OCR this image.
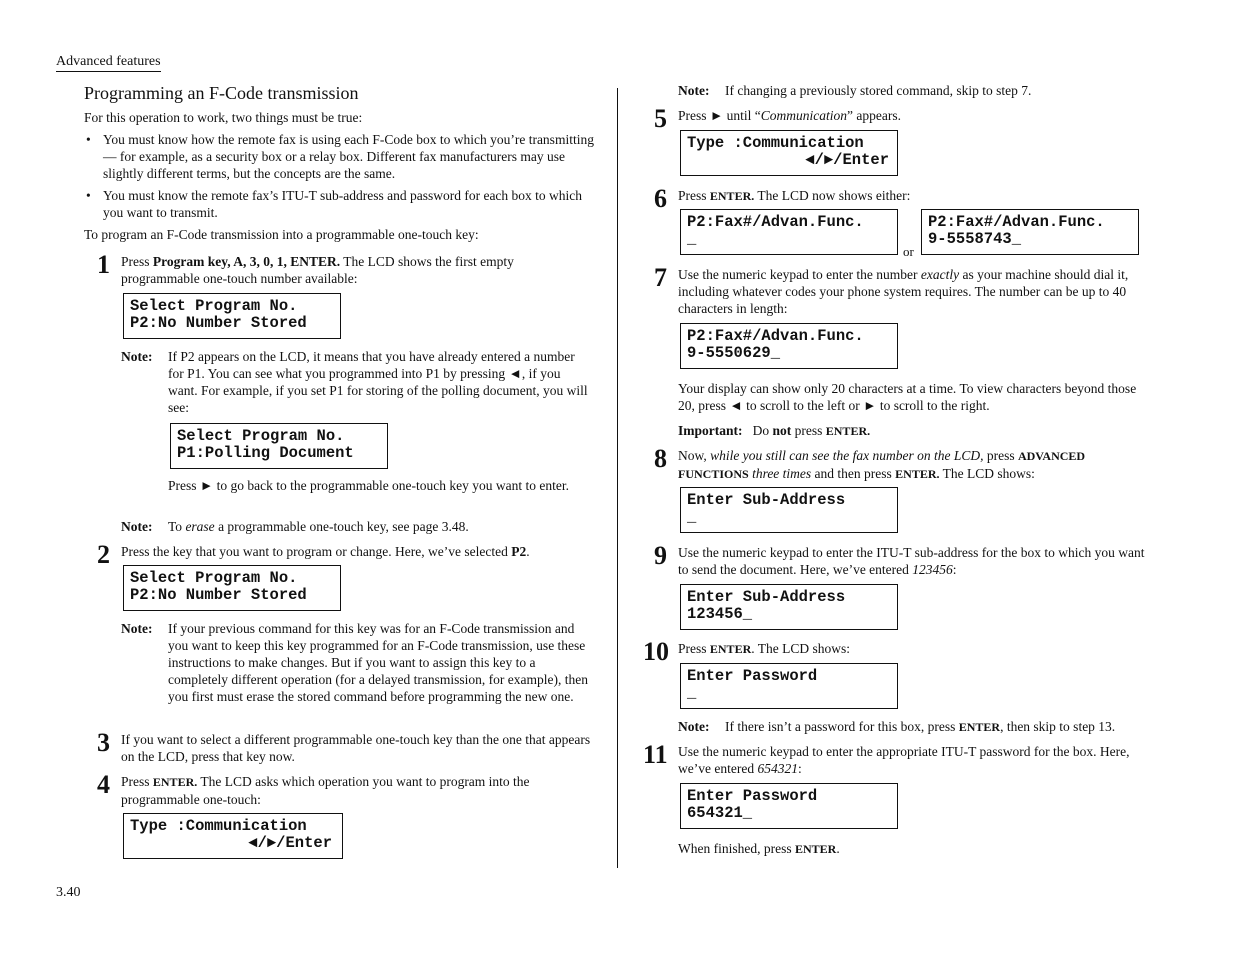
Advanced features
Programming an F-Code transmission
3.40
For this operation to work, two things must be true:
• You must know how the remote fax is using each F-Code box to which you’re transmitting — for example, as a security box or a relay box. Different fax manufacturers may use slightly different terms, but the concepts are the same.
• You must know the remote fax’s ITU-T sub-address and password for each box to which you want to transmit.
To program an F-Code transmission into a programmable one-touch key:
1 Press Program key, A, 3, 0, 1, ENTER. The LCD shows the first empty programmable one-touch number available:
Select Program No.
P2:No Number Stored
Note: If P2 appears on the LCD, it means that you have already entered a number for P1. You can see what you programmed into P1 by pressing ◄, if you want. For example, if you set P1 for storing of the polling document, you will see:
Select Program No.
P1:Polling Document
Press ► to go back to the programmable one-touch key you want to enter.
Note: To erase a programmable one-touch key, see page 3.48.
2 Press the key that you want to program or change. Here, we’ve selected P2.
Select Program No.
P2:No Number Stored
Note: If your previous command for this key was for an F-Code transmission and you want to keep this key programmed for an F-Code transmission, use these instructions to make changes. But if you want to assign this key to a completely different operation (for a delayed transmission, for example), then you first must erase the stored command before programming the new one.
3 If you want to select a different programmable one-touch key than the one that appears on the LCD, press that key now.
4 Press ENTER. The LCD asks which operation you want to program into the programmable one-touch:
Type :Communication
◄/►/Enter
Note: If changing a previously stored command, skip to step 7.
5 Press ► until “Communication” appears.
Type :Communication
◄/►/Enter
6 Press ENTER. The LCD now shows either:
P2:Fax#/Advan.Func.
_
or
P2:Fax#/Advan.Func.
9-5558743_
7 Use the numeric keypad to enter the number exactly as your machine should dial it, including whatever codes your phone system requires. The number can be up to 40 characters in length:
P2:Fax#/Advan.Func.
9-5550629_
Your display can show only 20 characters at a time. To view characters beyond those 20, press ◄ to scroll to the left or ► to scroll to the right.
Important: Do not press ENTER.
8 Now, while you still can see the fax number on the LCD, press ADVANCED FUNCTIONS three times and then press ENTER. The LCD shows:
Enter Sub-Address
_
9 Use the numeric keypad to enter the ITU-T sub-address for the box to which you want to send the document. Here, we’ve entered 123456:
Enter Sub-Address
123456_
10 Press ENTER. The LCD shows:
Enter Password
_
Note: If there isn’t a password for this box, press ENTER, then skip to step 13.
11 Use the numeric keypad to enter the appropriate ITU-T password for the box. Here, we’ve entered 654321:
Enter Password
654321_
When finished, press ENTER.
